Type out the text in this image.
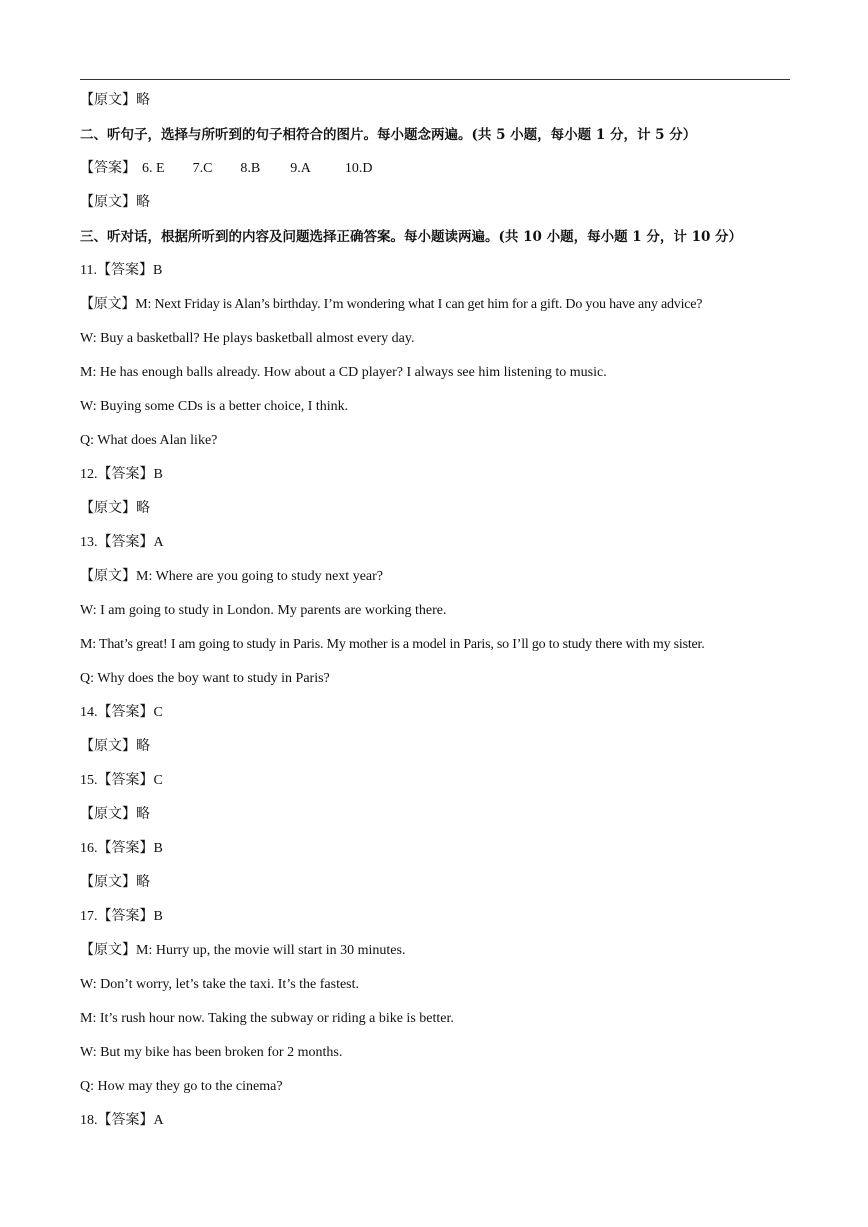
【原文】略
二、听句子，选择与所听到的句子相符合的图片。每小题念两遍。(共 5 小题，每小题 1 分，计 5 分）
【答案】 6. E 7.C 8.B 9.A 10.D
【原文】略
三、听对话，根据所听到的内容及问题选择正确答案。每小题读两遍。(共 10 小题，每小题 1 分，计 10 分）
11.【答案】B
【原文】M: Next Friday is Alan’s birthday. I’m wondering what I can get him for a gift. Do you have any advice?
W: Buy a basketball? He plays basketball almost every day.
M: He has enough balls already. How about a CD player? I always see him listening to music.
W: Buying some CDs is a better choice, I think.
Q: What does Alan like?
12.【答案】B
【原文】略
13.【答案】A
【原文】M: Where are you going to study next year?
W: I am going to study in London. My parents are working there.
M: That’s great! I am going to study in Paris. My mother is a model in Paris, so I’ll go to study there with my sister.
Q: Why does the boy want to study in Paris?
14.【答案】C
【原文】略
15.【答案】C
【原文】略
16.【答案】B
【原文】略
17.【答案】B
【原文】M: Hurry up, the movie will start in 30 minutes.
W: Don’t worry, let’s take the taxi. It’s the fastest.
M: It’s rush hour now. Taking the subway or riding a bike is better.
W: But my bike has been broken for 2 months.
Q: How may they go to the cinema?
18.【答案】A
